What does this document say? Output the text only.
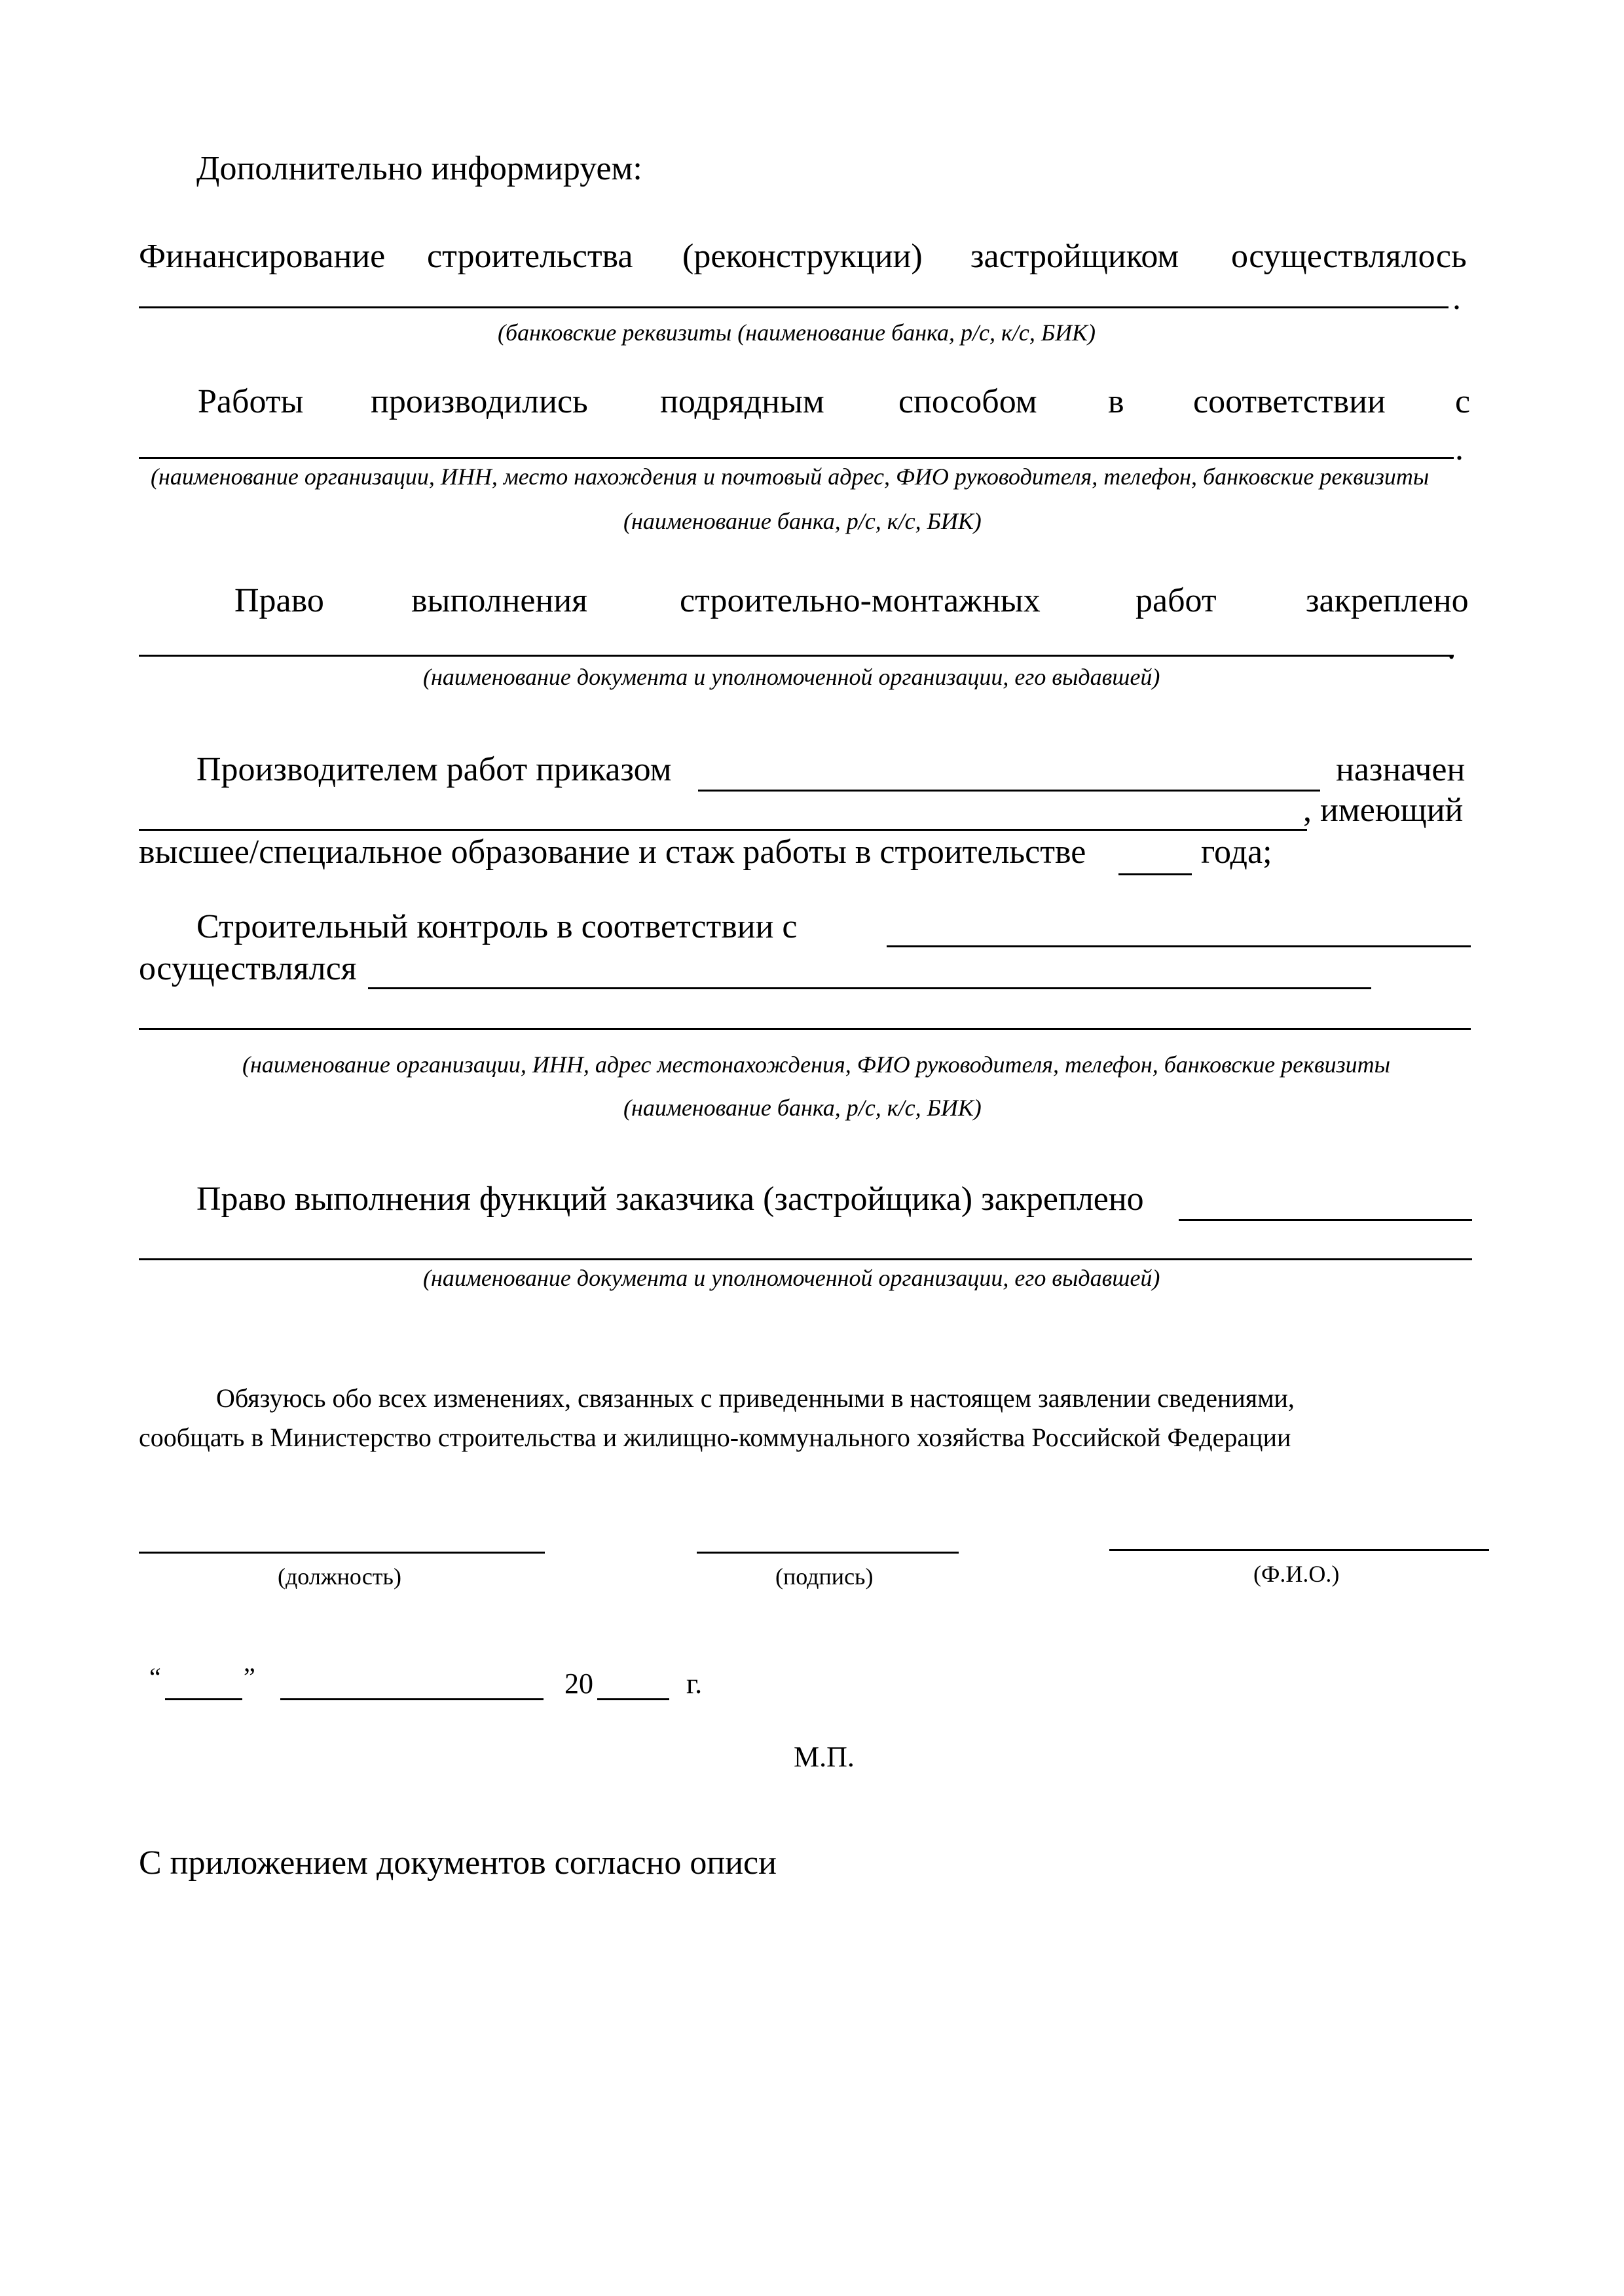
Дополнительно информируем:
Финансирование строительства (реконструкции) застройщиком осуществлялось
.
(банковские реквизиты (наименование банка, р/с, к/с, БИК)
Работы производились подрядным способом в соответствии с
.
(наименование организации, ИНН, место нахождения и почтовый адрес, ФИО руководителя, телефон, банковские реквизиты
(наименование банка, р/с, к/с, БИК)
Право	выполнения	строительно-монтажных	работ	закреплено
.
(наименование документа и уполномоченной организации, его выдавшей)
Производителем работ приказом	назначен
, имеющий
высшее/специальное образование и стаж работы в строительстве	года;
Строительный контроль в соответствии с
осуществлялся
(наименование организации, ИНН, адрес местонахождения, ФИО руководителя, телефон, банковские реквизиты
(наименование банка, р/с, к/с, БИК)
Право выполнения функций заказчика (застройщика) закреплено
(наименование документа и уполномоченной организации, его выдавшей)
Обязуюсь обо всех изменениях, связанных с приведенными в настоящем заявлении сведениями,
сообщать в Министерство строительства и жилищно-коммунального хозяйства Российской Федерации
(должность)	(подпись)	(Ф.И.О.)
“	”	20	г.
М.П.
С приложением документов согласно описи
